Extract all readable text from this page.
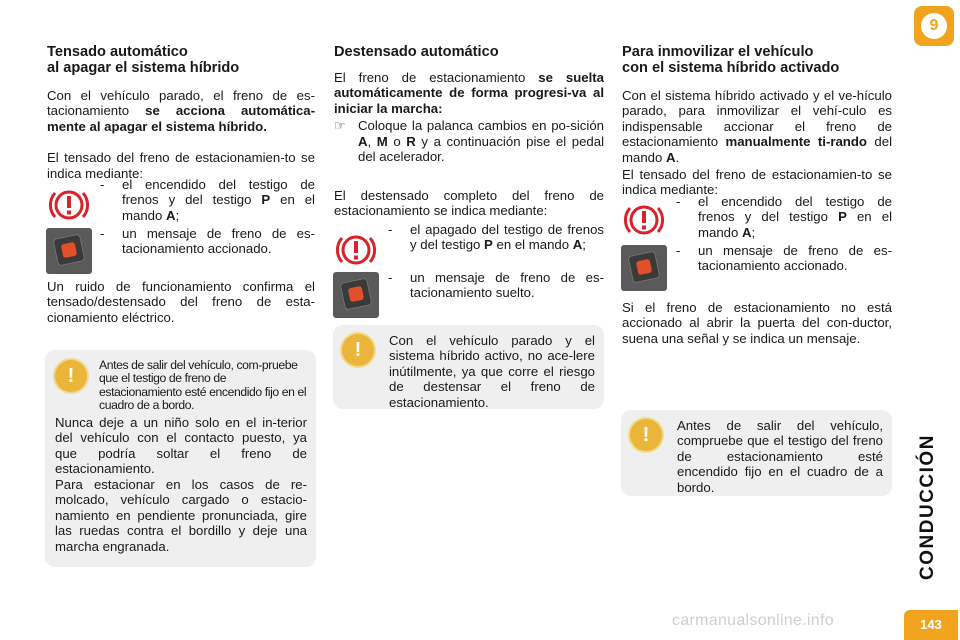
Tensado automático
al apagar el sistema híbrido

Con el vehículo parado, el freno de es-tacionamiento se acciona automática-mente al apagar el sistema híbrido.

El tensado del freno de estacionamien-to se indica mediante:

-	el encendido del testigo de frenos y del testigo P en el mando A;
-	un mensaje de freno de es-tacionamiento accionado.

Un ruido de funcionamiento confirma el tensado/destensado del freno de esta-cionamiento eléctrico.

!	Antes de salir del vehículo, com-pruebe que el testigo de freno de estacionamiento esté encendido fijo en el cuadro de a bordo.
Nunca deje a un niño solo en el in-terior del vehículo con el contacto puesto, ya que podría soltar el freno de estacionamiento.
Para estacionar en los casos de re-molcado, vehículo cargado o estacio-namiento en pendiente pronunciada, gire las ruedas contra el bordillo y deje una marcha engranada.
Destensado automático

El freno de estacionamiento se suelta automáticamente de forma progresi-va al iniciar la marcha:

☞ Coloque la palanca cambios en po-sición A, M o R y a continuación pise el pedal del acelerador.

El destensado completo del freno de estacionamiento se indica mediante:

-	el apagado del testigo de frenos y del testigo P en el mando A;
-	un mensaje de freno de es-tacionamiento suelto.
!	Con el vehículo parado y el sistema híbrido activo, no ace-lere inútilmente, ya que corre el riesgo de destensar el freno de estacionamiento.
Para inmovilizar el vehículo
con el sistema híbrido activado

Con el sistema híbrido activado y el ve-hículo parado, para inmovilizar el vehí-culo es indispensable accionar el freno de estacionamiento manualmente ti-rando del mando A.

El tensado del freno de estacionamien-to se indica mediante:

-	el encendido del testigo de frenos y del testigo P en el mando A;
-	un mensaje de freno de es-tacionamiento accionado.

Si el freno de estacionamiento no está accionado al abrir la puerta del con-ductor, suena una señal y se indica un mensaje.

!	Antes de salir del vehículo, compruebe que el testigo del freno de estacionamiento esté encendido fijo en el cuadro de a bordo.
9
CONDUCCIÓN
carmanualsonline.info	143
